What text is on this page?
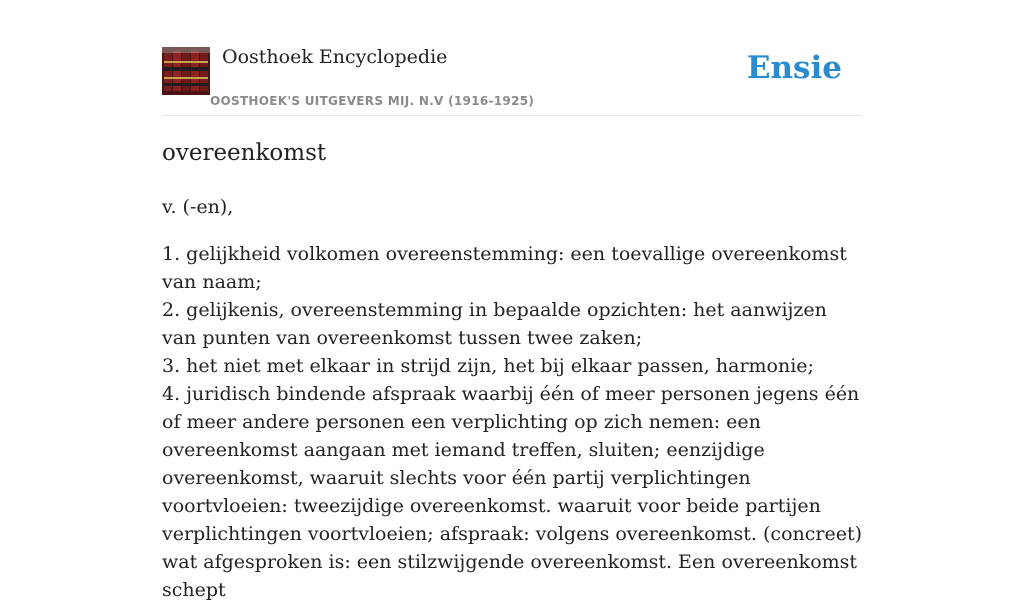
Oosthoek Encyclopedie
OOSTHOEK'S UITGEVERS MIJ. N.V (1916-1925)
Ensie
overeenkomst

v. (-en),

1. gelijkheid volkomen overeenstemming: een toevallige overeenkomst van naam;
2. gelijkenis, overeenstemming in bepaalde opzichten: het aanwijzen van punten van overeenkomst tussen twee zaken;
3. het niet met elkaar in strijd zijn, het bij elkaar passen, harmonie;
4. juridisch bindende afspraak waarbij één of meer personen jegens één of meer andere personen een verplichting op zich nemen: een overeenkomst aangaan met iemand treffen, sluiten; eenzijdige overeenkomst, waaruit slechts voor één partij verplichtingen voortvloeien: tweezijdige overeenkomst. waaruit voor beide partijen verplichtingen voortvloeien; afspraak: volgens overeenkomst. (concreet) wat afgesproken is: een stilzwijgende overeenkomst. Een overeenkomst schept
